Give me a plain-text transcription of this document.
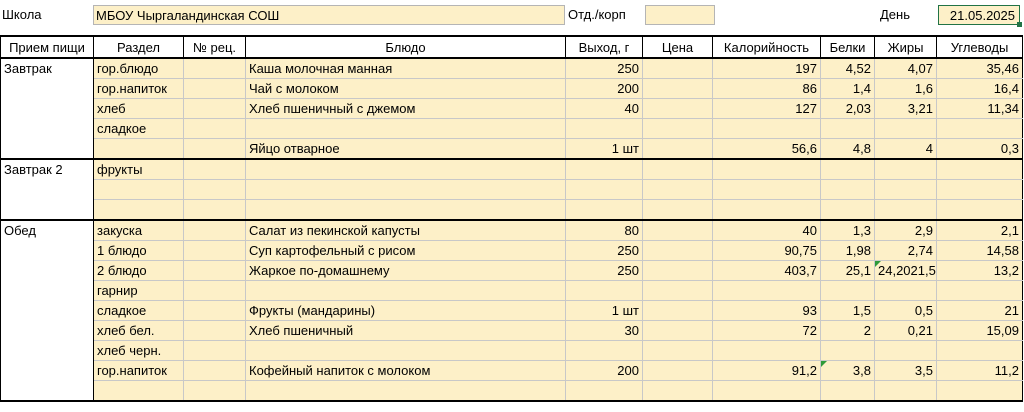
Школа	МБОУ Чыргаландинская СОШ	Отд./корп	День	21.05.2025
Прием пищи	Раздел	№ рец.	Блюдо	Выход, г	Цена	Калорийность	Белки	Жиры	Углеводы
Завтрак	гор.блюдо		Каша молочная манная	250		197	4,52	4,07	35,46
	гор.напиток		Чай с молоком	200		86	1,4	1,6	16,4
	хлеб		Хлеб пшеничный с джемом	40		127	2,03	3,21	11,34
	сладкое								
			Яйцо отварное	1 шт		56,6	4,8	4	0,3
Завтрак 2	фрукты								

Обед	закуска		Салат из пекинской капусты	80		40	1,3	2,9	2,1
	1 блюдо		Суп картофельный с рисом	250		90,75	1,98	2,74	14,58
	2 блюдо		Жаркое по-домашнему	250		403,7	25,1	24,2021,5	13,2
	гарнир								
	сладкое		Фрукты (мандарины)	1 шт		93	1,5	0,5	21
	хлеб бел.		Хлеб пшеничный	30		72	2	0,21	15,09
	хлеб черн.								
	гор.напиток		Кофейный напиток с молоком	200		91,2	3,8	3,5	11,2
